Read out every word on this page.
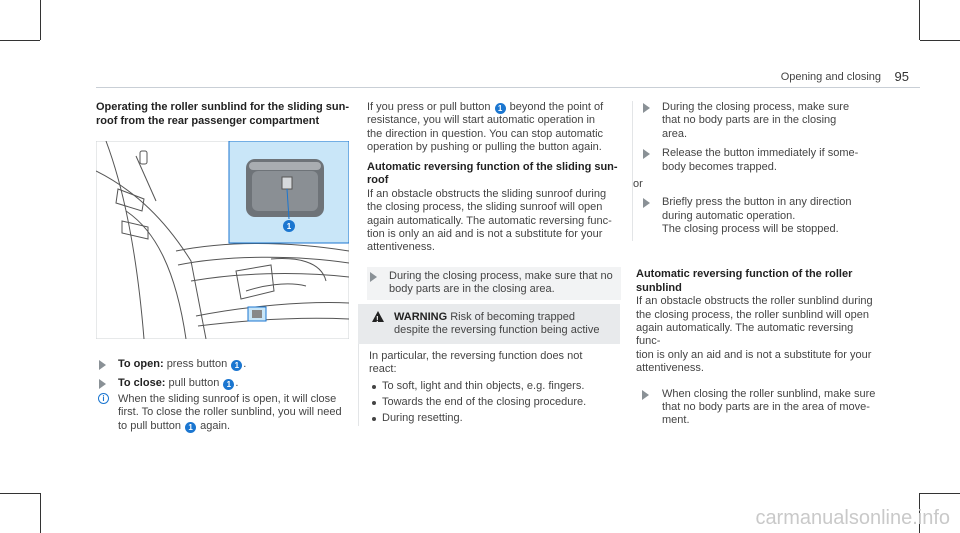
Opening and closing 95

Operating the roller sunblind for the sliding sun-
roof from the rear passenger compartment

1

To open: press button 1 .

To close: pull button 1 .

i	When the sliding sunroof is open, it will close
first. To close the roller sunblind, you will need
to pull button 1 again.

If you press or pull button 1 beyond the point of
resistance, you will start automatic operation in
the direction in question. You can stop automatic
operation by pushing or pulling the button again.

Automatic reversing function of the sliding sun-
roof

If an obstacle obstructs the sliding sunroof during
the closing process, the sliding sunroof will open
again automatically. The automatic reversing func-
tion is only an aid and is not a substitute for your
attentiveness.

During the closing process, make sure that no
body parts are in the closing area.
! WARNING Risk of becoming trapped
despite the reversing function being active
In particular, the reversing function does not
react:
To soft, light and thin objects, e.g. fingers.
Towards the end of the closing procedure.
During resetting.
During the closing process, make sure
that no body parts are in the closing
area.
Release the button immediately if some-
body becomes trapped.
or
Briefly press the button in any direction
during automatic operation.
The closing process will be stopped.

Automatic reversing function of the roller sunblind

If an obstacle obstructs the roller sunblind during
the closing process, the roller sunblind will open
again automatically. The automatic reversing func-
tion is only an aid and is not a substitute for your
attentiveness.

When closing the roller sunblind, make sure
that no body parts are in the area of move-
ment.
carmanualsonline.info
